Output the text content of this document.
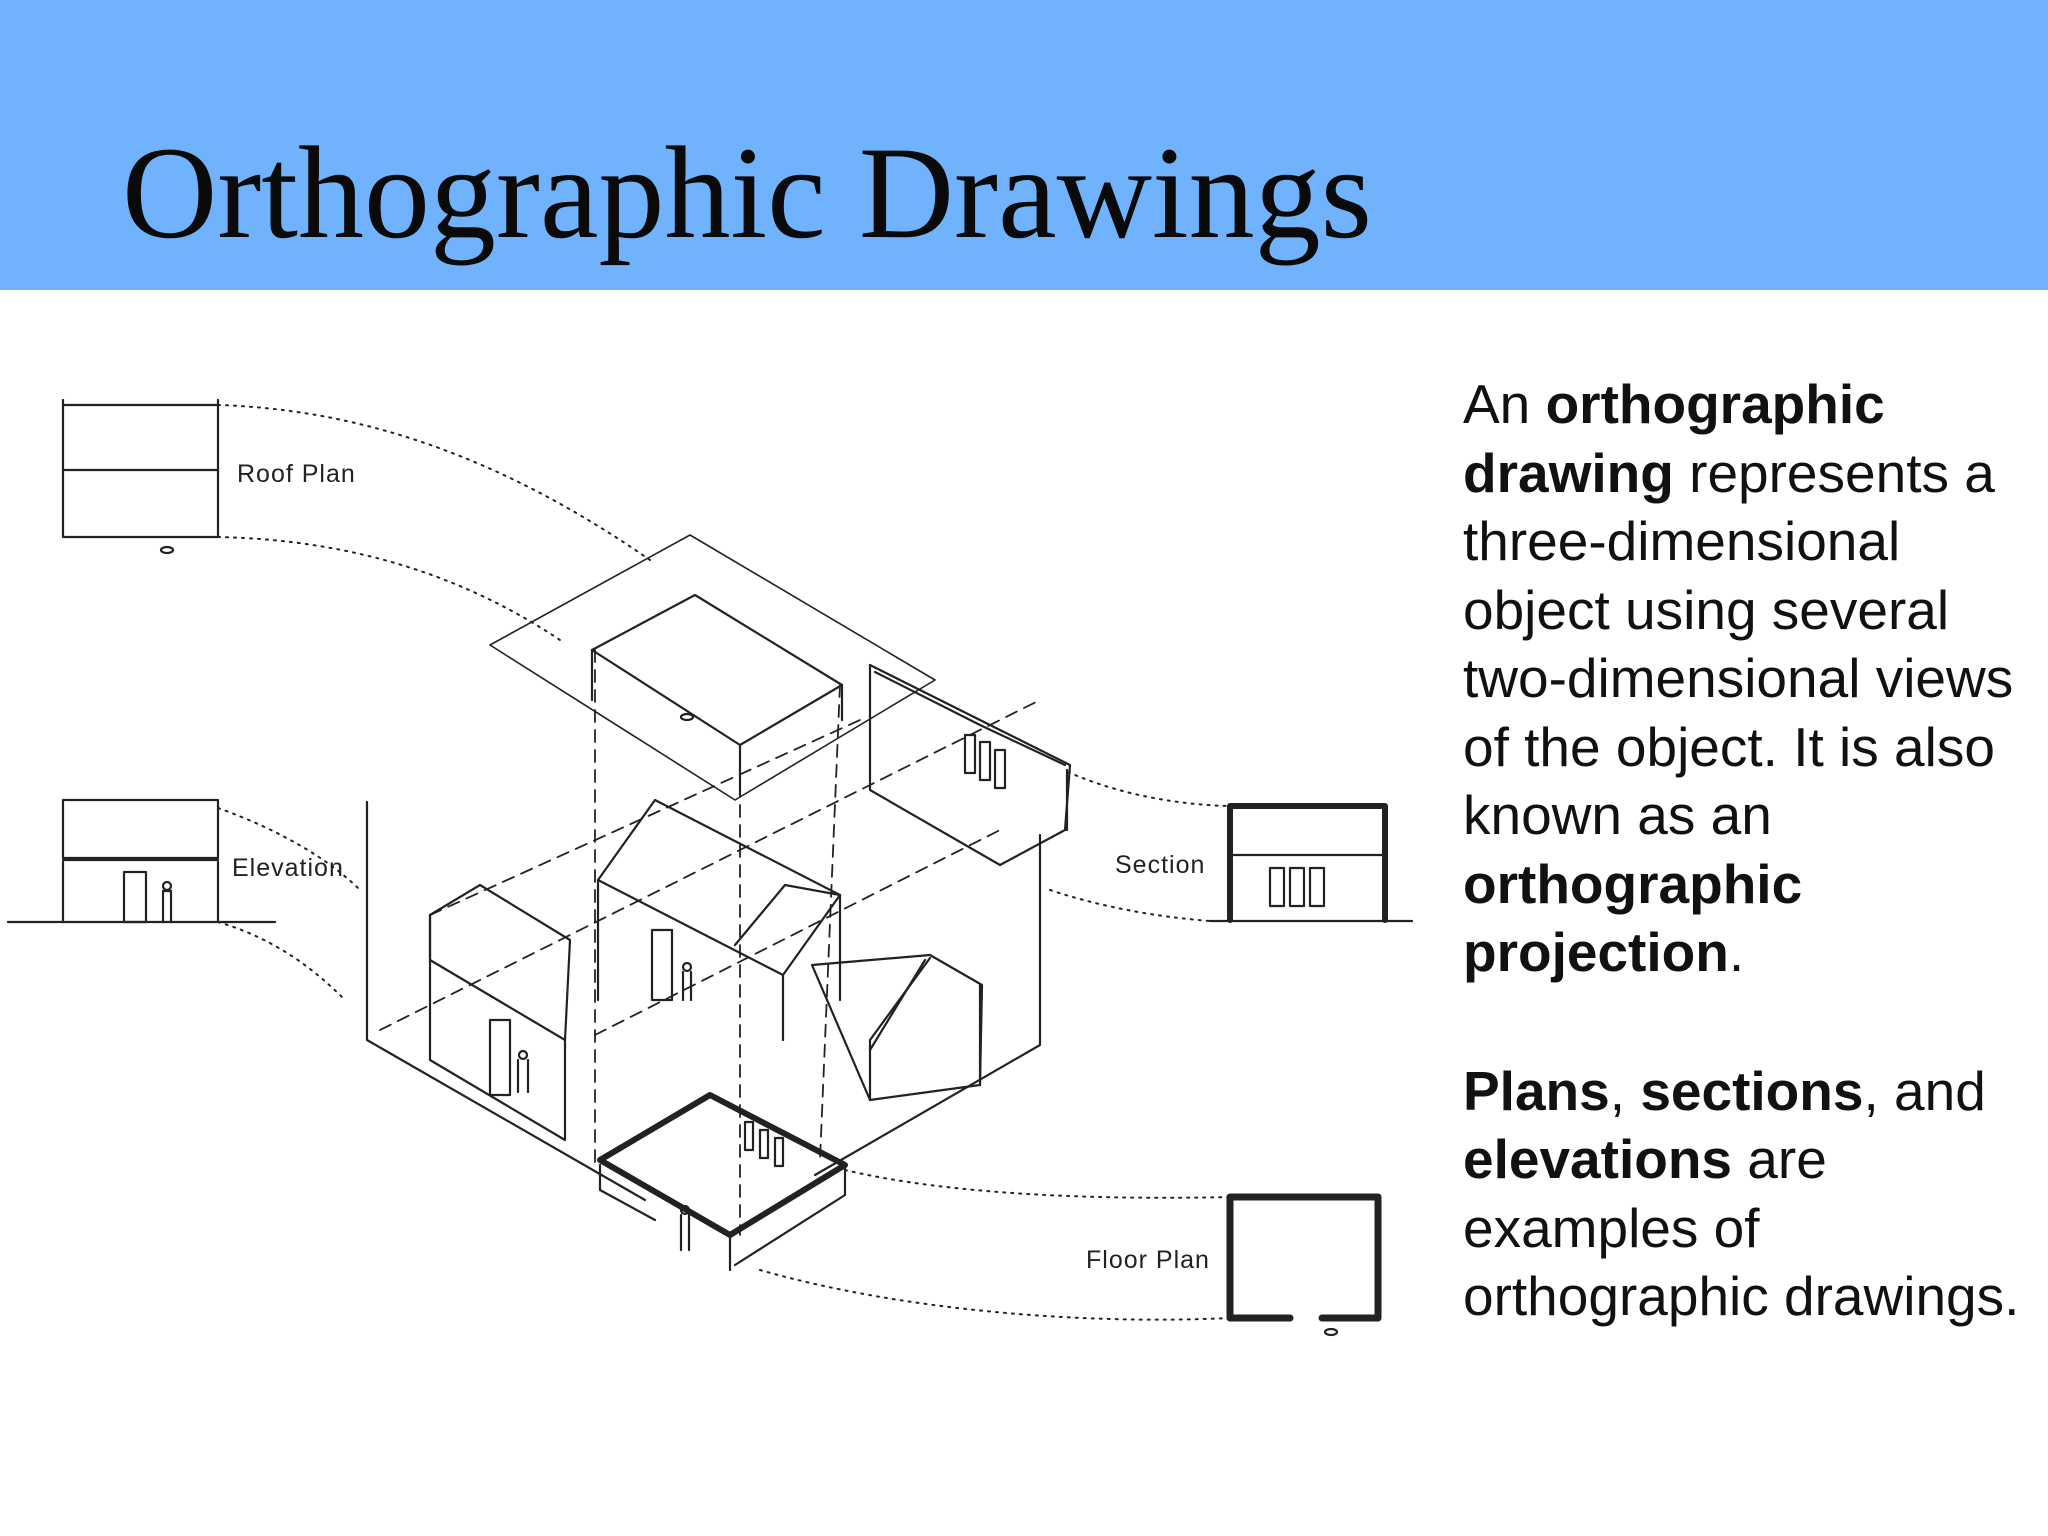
Orthographic Drawings
Roof Plan
Elevation	Section
Floor Plan

An orthographic drawing represents a three-dimensional object using several two-dimensional views of the object. It is also known as an orthographic projection.

Plans, sections, and elevations are examples of orthographic drawings.
